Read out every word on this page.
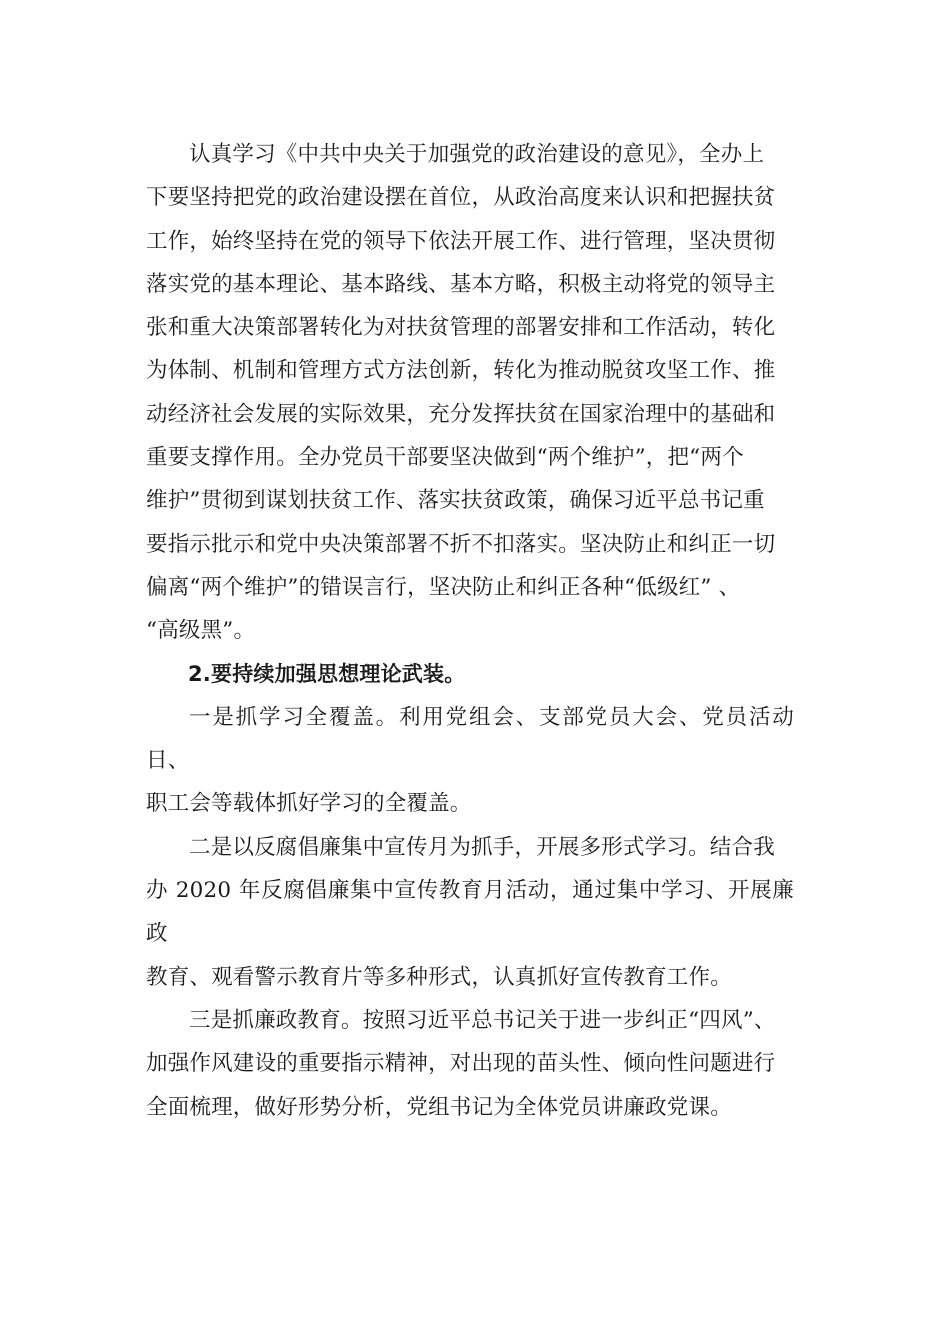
认真学习《中共中央关于加强党的政治建设的意见》，全办上
下要坚持把党的政治建设摆在首位，从政治高度来认识和把握扶贫
工作，始终坚持在党的领导下依法开展工作、进行管理，坚决贯彻
落实党的基本理论、基本路线、基本方略，积极主动将党的领导主
张和重大决策部署转化为对扶贫管理的部署安排和工作活动，转化
为体制、机制和管理方式方法创新，转化为推动脱贫攻坚工作、推
动经济社会发展的实际效果，充分发挥扶贫在国家治理中的基础和
重要支撑作用。全办党员干部要坚决做到“两个维护”，把“两个
维护”贯彻到谋划扶贫工作、落实扶贫政策，确保习近平总书记重
要指示批示和党中央决策部署不折不扣落实。坚决防止和纠正一切
偏离“两个维护”的错误言行，坚决防止和纠正各种“低级红” 、
“高级黑”。

2.要持续加强思想理论武装。

一是抓学习全覆盖。利用党组会、支部党员大会、党员活动日、
职工会等载体抓好学习的全覆盖。

二是以反腐倡廉集中宣传月为抓手，开展多形式学习。结合我
办 2020 年反腐倡廉集中宣传教育月活动，通过集中学习、开展廉政
教育、观看警示教育片等多种形式，认真抓好宣传教育工作。

三是抓廉政教育。按照习近平总书记关于进一步纠正“四风”、
加强作风建设的重要指示精神，对出现的苗头性、倾向性问题进行
全面梳理，做好形势分析，党组书记为全体党员讲廉政党课。
